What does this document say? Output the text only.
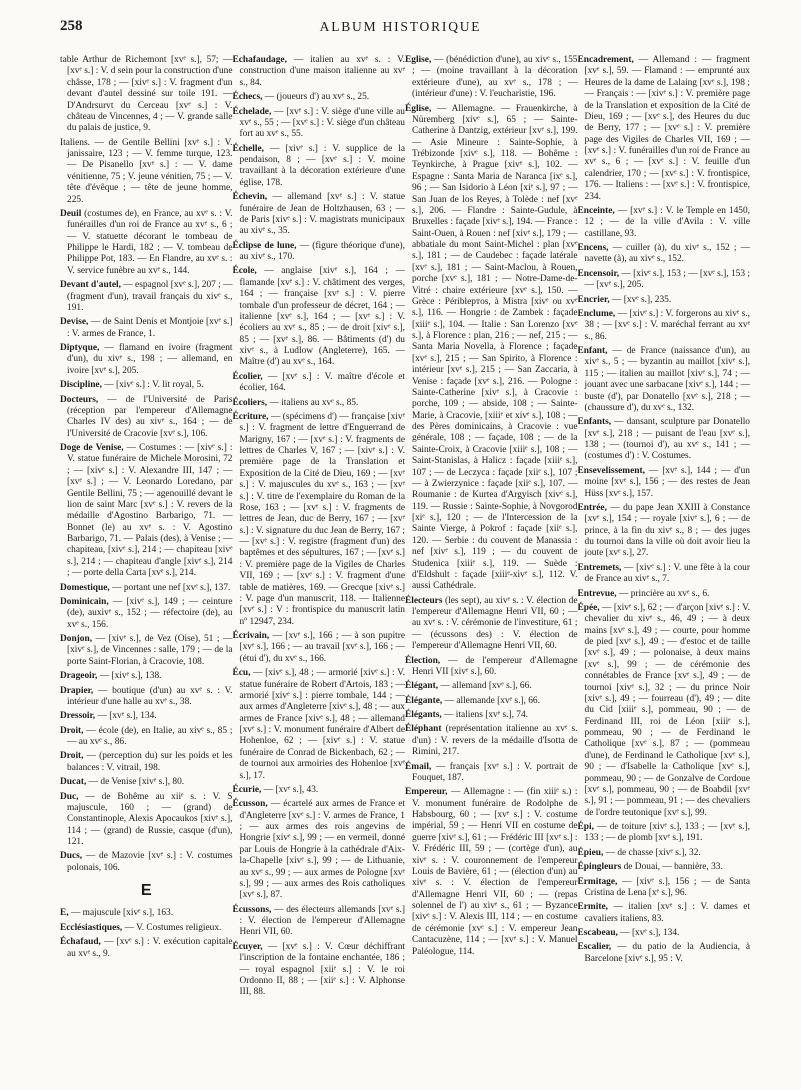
258	ALBUM HISTORIQUE

table Arthur de Richemont [xvᵉ s.], 57; — [xvᵉ s.] : V. d sein pour la construction d'une châsse, 178 ; — [xivᵉ s.] : V. fragment d'un devant d'autel dessiné sur toile 191. — D'Andrsurvt du Cerceau [xvᵉ s.] : V. château de Vincennes, 4 ; — V. grande salle du palais de justice, 9.

Italiens. — de Gentile Bellini [xvᵉ s.] : V. janissaire, 123 ; — V. femme turque, 123. — De Pisanello [xvᵉ s.] : — V. dame vénitienne, 75 ; V. jeune vénitien, 75 ; — V. tête d'évêque ; — tête de jeune homme, 225.

Deuil (costumes de), en France, au xvᵉ s. : V. funérailles d'un roi de France au xvᵉ s., 6 ; — V. statuette décorant le tombeau de Philippe le Hardi, 182 ; — V. tombeau de Philippe Pot, 183. — En Flandre, au xvᵉ s. : V. service funèbre au xvᵉ s., 144.

Devant d'autel, — espagnol [xvᵉ s.], 207 ; — (fragment d'un), travail français du xivᵉ s., 191.

Devise, — de Saint Denis et Montjoie [xvᵉ s.] : V. armes de France, 1.

Diptyque, — flamand en ivoire (fragment d'un), du xivᵉ s., 198 ; — allemand, en ivoire [xvᵉ s.], 205.

Discipline, — [xivᵉ s.] : V. lit royal, 5.

Docteurs, — de l'Université de Paris (réception par l'empereur d'Allemagne Charles IV des) au xivᵉ s., 164 ; — de l'Université de Cracovie [xvᵉ s.], 106.

Doge de Venise, — Costumes : — [xivᵉ s.] : V. statue funéraire de Michele Morosini, 72 ; — [xivᵉ s.] : V. Alexandre III, 147 ; — [xvᵉ s.] ; — V. Leonardo Loredano, par Gentile Bellini, 75 ; — agenouillé devant le lion de saint Marc [xvᵉ s.] : V. revers de la médaille d'Agostino Barbarigo, 71. — Bonnet (le) au xvᵉ s. : V. Agostino Barbarigo, 71. — Palais (des), à Venise ; — chapiteau, [xivᵉ s.], 214 ; — chapiteau [xivᵉ s.], 214 ; — chapiteau d'angle [xivᵉ s.], 214 ; — porte della Carta [xvᵉ s.], 214.

Domestique, — portant une nef [xvᵉ s.], 137.

Dominicain, — [xivᵉ s.], 149 ; — ceinture (de), auxivᵉ s., 152 ; — réfectoire (de), au xvᵉ s., 156.

Donjon, — [xivᵉ s.], de Vez (Oise), 51 ; — [xivᵉ s.], de Vincennes : salle, 179 ; — de la porte Saint-Florian, à Cracovie, 108.

Drageoir, — [xivᵉ s.], 138.

Drapier, — boutique (d'un) au xvᵉ s. : V. intérieur d'une halle au xvᵉ s., 38.

Dressoir, — [xvᵉ s.], 134.

Droit, — école (de), en Italie, au xivᵉ s., 85 ; — au xvᵉ s., 86.

Droit, — (perception du) sur les poids et les balances : V. vitrail, 198.

Ducat, — de Venise [xivᵉ s.], 80.

Duc, — de Bohême au xiiᵉ s. : V. S majuscule, 160 ; — (grand) de Constantinople, Alexis Apocaukos [xivᵉ s.], 114 ; — (grand) de Russie, casque (d'un), 121.

Ducs, — de Mazovie [xvᵉ s.] : V. costumes polonais, 106.

E

E, — majuscule [xivᵉ s.], 163.

Ecclésiastiques, — V. Costumes religieux.

Échafaud, — [xvᵉ s.] : V. exécution capitale au xvᵉ s., 9.

Échafaudage, — italien au xvᵉ s. : V. construction d'une maison italienne au xvᵉ s., 84.

Échecs, — (joueurs d') au xvᵉ s., 25.

Échelade, — [xvᵉ s.] : V. siège d'une ville au xvᵉ s., 55 ; — [xvᵉ s.] : V. siège d'un château fort au xvᵉ s., 55.

Échelle, — [xivᵉ s.] : V. supplice de la pendaison, 8 ; — [xvᵉ s.] : V. moine travaillant à la décoration extérieure d'une église, 178.

Échevin, — allemand [xvᵉ s.] : V. statue funéraire de Jean de Holtzhausen, 63 ; — de Paris [xivᵉ s.] : V. magistrats municipaux au xivᵉ s., 35.

Éclipse de lune, — (figure théorique d'une), au xivᵉ s., 170.

École, — anglaise [xivᵉ s.], 164 ; — flamande [xvᵉ s.] : V. châtiment des verges, 164 ; — française [xvᵉ s.] : V. pierre tombale d'un professeur de décret, 164 ; — italienne [xvᵉ s.], 164 ; — [xvᵉ s.] : V. écoliers au xvᵉ s., 85 ; — de droit [xivᵉ s.], 85 ; — [xvᵉ s.], 86. — Bâtiments (d') du xivᵉ s., à Ludlow (Angleterre), 165. — Maître (d') au xvᵉ s., 164.

Écolier, — [xvᵉ s.] : V. maître d'école et écolier, 164.

Écoliers, — italiens au xvᵉ s., 85.

Écriture, — (spécimens d') — française [xivᵉ s.] : V. fragment de lettre d'Enguerrand de Marigny, 167 ; — [xvᵉ s.] : V. fragments de lettres de Charles V, 167 ; — [xivᵉ s.] : V. première page de la Translation et Exposition de la Cité de Dieu, 169 ; — [xvᵉ s.] : V. majuscules du xvᵉ s., 163 ; — [xvᵉ s.] : V. titre de l'exemplaire du Roman de la Rose, 163 ; — [xvᵉ s.] : V. fragments de lettres de Jean, duc de Berry, 167 ; — [xvᵉ s.] : V. signature du duc Jean de Berry, 167 ; — [xvᵉ s.] : V. registre (fragment d'un) des baptêmes et des sépultures, 167 ; — [xvᵉ s.] : V. première page de la Vigiles de Charles VII, 169 ; — [xvᵉ s.] : V. fragment d'une table de matières, 169. — Grecque [xivᵉ s.] : V. page d'un manuscrit, 118. — Italienne [xvᵉ s.] : V : frontispice du manuscrit latin nº 12947, 234.

Écrivain, — [xvᵉ s.], 166 ; — à son pupitre [xvᵉ s.], 166 ; — au travail [xvᵉ s.], 166 ; — (étui d'), du xvᵉ s., 166.

Écu, — [xivᵉ s.], 48 ; — armorié [xivᵉ s.] : V. statue funéraire de Robert d'Artois, 183 ; — armorié [xivᵉ s.] : pierre tombale, 144 ; — aux armes d'Angleterre [xivᵉ s.], 48 ; — aux armes de France [xivᵉ s.], 48 ; — allemand [xvᵉ s.] : V. monument funéraire d'Albert de Hohenloe, 62 ; — [xivᵉ s.] : V. statue funéraire de Conrad de Bickenbach, 62 ; — de tournoi aux armoiries des Hohenloe [xvᵉ s.], 17.

Écurie, — [xvᵉ s.], 43.

Écusson, — écartelé aux armes de France et d'Angleterre [xvᵉ s.] : V. armes de France, 1 ; — aux armes des rois angevins de Hongrie [xivᵉ s.], 99 ; — en vermeil, donné par Louis de Hongrie à la cathédrale d'Aix-la-Chapelle [xivᵉ s.], 99 ; — de Lithuanie, au xvᵉ s., 99 ; — aux armes de Pologne [xvᵉ s.], 99 ; — aux armes des Rois catholiques [xvᵉ s.], 87.

Écussons, — des électeurs allemands [xvᵉ s.] : V. élection de l'empereur d'Allemagne Henri VII, 60.

Écuyer, — [xvᵉ s.] : V. Cœur déchiffrant l'inscription de la fontaine enchantée, 186 ; — royal espagnol [xiiᵉ s.] : V. le roi Ordonno II, 88 ; — [xiiᵉ s.] : V. Alphonse III, 88.

Église, — (bénédiction d'une), au xivᵉ s., 155 ; — (moine travaillant à la décoration extérieure d'une), au xvᵉ s., 178 ; — (intérieur d'une) : V. l'eucharistie, 196.

Église, — Allemagne. — Frauenkirche, à Nüremberg [xivᵉ s.], 65 ; — Sainte-Catherine à Dantzig, extérieur [xvᵉ s.], 199. — Asie Mineure : Sainte-Sophie, à Trébizonde [xivᵉ s.], 118. — Bohême : Teynkirche, à Prague [xivᵉ s.], 102. — Espagne : Santa Maria de Naranca [ixᵉ s.], 96 ; — San Isidorio à Léon [xiᵉ s.], 97 ; — San Juan de los Reyes, à Tolède : nef [xvᵉ s.], 206. — Flandre : Sainte-Gudule, à Bruxelles : façade [xivᵉ s.], 194. — France : Saint-Ouen, à Rouen : nef [xivᵉ s.], 179 ; — abbatiale du mont Saint-Michel : plan [xvᵉ s.], 181 ; — de Caudebec : façade latérale [xvᵉ s.], 181 ; — Saint-Maclou, à Rouen, porche [xvᵉ s.], 181 ; — Notre-Dame-de-Vitré : chaire extérieure [xvᵉ s.], 150. — Grèce : Périblepтos, à Mistra [xivᵉ ou xvᵉ s.], 116. — Hongrie : de Zambek : façade [xiiiᵉ s.], 104. — Italie : San Lorenzo [xvᵉ s.], à Florence : plan, 216 ; — nef, 215 ; — Santa Maria Novella, à Florence ; façade [xvᵉ s.], 215 ; — San Spirito, à Florence : intérieur [xvᵉ s.], 215 ; — San Zaccaria, à Venise : façade [xvᵉ s.], 216. — Pologne : Sainte-Catherine [xivᵉ s.], à Cracovie : porche, 109 ; — abside, 108 ; — Sainte-Marie, à Cracovie, [xiiiᵉ et xivᵉ s.], 108 ; — des Pères dominicains, à Cracovie : vue générale, 108 ; — façade, 108 ; — de la Sainte-Croix, à Cracovie [xiiiᵉ s.], 108 ; — Saint-Stanislas, à Halicz : façade [xiiiᵉ s.], 107 ; — de Leczyca : façade [xiiᵉ s.], 107 ; — à Zwierzynice : façade [xiiᵉ s.], 107. — Roumanie : de Kurtea d'Argyisch [xivᵉ s.], 119. — Russie : Sainte-Sophie, à Novgorod [xiᵉ s.], 120 ; — de l'Intercession de la Sainte Vierge, à Pokrof : façade [xiiᵉ s.], 120. — Serbie : du couvent de Manassia : nef [xivᵉ s.], 119 ; — du couvent de Studenica [xiiiᵉ s.], 119. — Suède : d'Eldshult : façade [xiiiᵉ-xivᵉ s.], 112. V. aussi Cathédrale.

Électeurs (les sept), au xivᵉ s. : V. élection de l'empereur d'Allemagne Henri VII, 60 ; — au xvᵉ s. : V. cérémonie de l'investiture, 61 ; — (écussons des) : V. élection de l'empereur d'Allemagne Henri VII, 60.

Élection, — de l'empereur d'Allemagne Henri VII [xivᵉ s.], 60.

Élégant, — allemand [xvᵉ s.], 66.

Élégante, — allemande [xvᵉ s.], 66.

Élégants, — italiens [xvᵉ s.], 74.

Éléphant (représentation italienne au xvᵉ s. d'un) : V. revers de la médaille d'Isotta de Rimini, 217.

Émail, — français [xvᵉ s.] : V. portrait de Fouquet, 187.

Empereur, — Allemagne : — (fin xiiiᵉ s.) : V. monument funéraire de Rodolphe de Habsbourg, 60 ; — [xvᵉ s.] : V. costume impérial, 59 ; — Henri VII en costume de guerre [xivᵉ s.], 61 ; — Frédéric III [xvᵉ s.] : V. Frédéric III, 59 ; — (cortège d'un), au xivᵉ s. : V. couronnement de l'empereur Louis de Bavière, 61 ; — (élection d'un) au xivᵉ s. : V. élection de l'empereur d'Allemagne Henri VII, 60 ; — (repas solennel de l') au xivᵉ s., 61 ; — Byzance [xivᵉ s.] : V. Alexis III, 114 ; — en costume de cérémonie [xvᵉ s.] : V. empereur Jean Cantacuzène, 114 ; — [xvᵉ s.] : V. Manuel Paléologue, 114.

Encadrement, — Allemand : — fragment [xvᵉ s.], 59. — Flamand : — emprunté aux Heures de la dame de Lalaing [xvᵉ s.], 198 ; — Français : — [xivᵉ s.] : V. première page de la Translation et exposition de la Cité de Dieu, 169 ; — [xvᵉ s.], des Heures du duc de Berry, 177 ; — [xvᵉ s.] : V. première page des Vigiles de Charles VII, 169 ; — [xvᵉ s.] : V. funérailles d'un roi de France au xvᵉ s., 6 ; — [xvᵉ s.] : V. feuille d'un calendrier, 170 ; — [xvᵉ s.] : V. frontispice, 176. — Italiens : — [xvᵉ s.] : V. frontispice, 234.

Enceinte, — [xvᵉ s.] : V. le Temple en 1450, 12 ; — de la ville d'Avila : V. ville castillane, 93.

Encens, — cuiller (à), du xivᵉ s., 152 ; — navette (à), au xivᵉ s., 152.

Encensoir, — [xivᵉ s.], 153 ; — [xvᵉ s.], 153 ; — [xvᵉ s.], 205.

Encrier, — [xvᵉ s.], 235.

Enclume, — [xivᵉ s.] : V. forgerons au xivᵉ s., 38 ; — [xvᵉ s.] : V. maréchal ferrant au xvᵉ s., 86.

Enfant, — de France (naissance d'un), au xivᵉ s., 5 ; — byzantin au maillot [xivᵉ s.], 115 ; — italien au maillot [xivᵉ s.], 74 ; — jouant avec une sarbacane [xivᵉ s.], 144 ; — buste (d'), par Donatello [xvᵉ s.], 218 ; — (chaussure d'), du xvᵉ s., 132.

Enfants, — dansant, sculpture par Donatello [xvᵉ s.], 218 ; — puisant de l'eau [xvᵉ s.], 138 ; — (tournoi d'), au xvᵉ s., 141 ; — (costumes d') : V. Costumes.

Ensevelissement, — [xvᵉ s.], 144 ; — d'un moine [xvᵉ s.], 156 ; — des restes de Jean Hüss [xvᵉ s.], 157.

Entrée, — du pape Jean XXIII à Constance [xvᵉ s.], 154 ; — royale [xivᵉ s.], 6 ; — de prince, à la fin du xivᵉ s., 8 ; — des juges du tournoi dans la ville où doit avoir lieu la joute [xvᵉ s.], 27.

Entremets, — [xivᵉ s.] : V. une fête à la cour de France au xivᵉ s., 7.

Entrevue, — princière au xvᵉ s., 6.

Épée, — [xivᵉ s.], 62 ; — d'arçon [xivᵉ s.] : V. chevalier du xivᵉ s., 46, 49 ; — à deux mains [xvᵉ s.], 49 ; — courte, pour homme de pied [xvᵉ s.], 49 ; — d'estoc et de taille [xvᵉ s.], 49 ; — polonaise, à deux mains [xvᵉ s.], 99 ; — de cérémonie des connétables de France [xvᵉ s.], 49 ; — de tournoi [xivᵉ s.], 32 ; — du prince Noir [xivᵉ s.], 49 ; — fourreau (d'), 49 ; — dite du Cid [xiiiᵉ s.], pommeau, 90 ; — de Ferdinand III, roi de Léon [xiiiᵉ s.], pommeau, 90 ; — de Ferdinand le Catholique [xvᵉ s.], 87 ; — (pommeau d'une), de Ferdinand le Catholique [xvᵉ s.], 90 ; — d'Isabelle la Catholique [xvᵉ s.], pommeau, 90 ; — de Gonzalve de Cordoue [xvᵉ s.], pommeau, 90 ; — de Boabdil [xvᵉ s.], 91 ; — pommeau, 91 ; — des chevaliers de l'ordre teutonique [xvᵉ s.], 99.

Épi, — de toiture [xivᵉ s.], 133 ; — [xvᵉ s.], 133 ; — de plomb [xvᵉ s.], 191.

Épieu, — de chasse [xivᵉ s.], 32.

Épingleurs de Douai, — bannière, 33.

Ermitage, — [xivᵉ s.], 156 ; — de Santa Cristina de Lena [xᵉ s.], 96.

Ermite, — italien [xvᵉ s.] : V. dames et cavaliers italiens, 83.

Escabeau, — [xvᵉ s.], 134.

Escalier, — du patio de la Audiencia, à Barcelone [xivᵉ s.], 95 : V.
